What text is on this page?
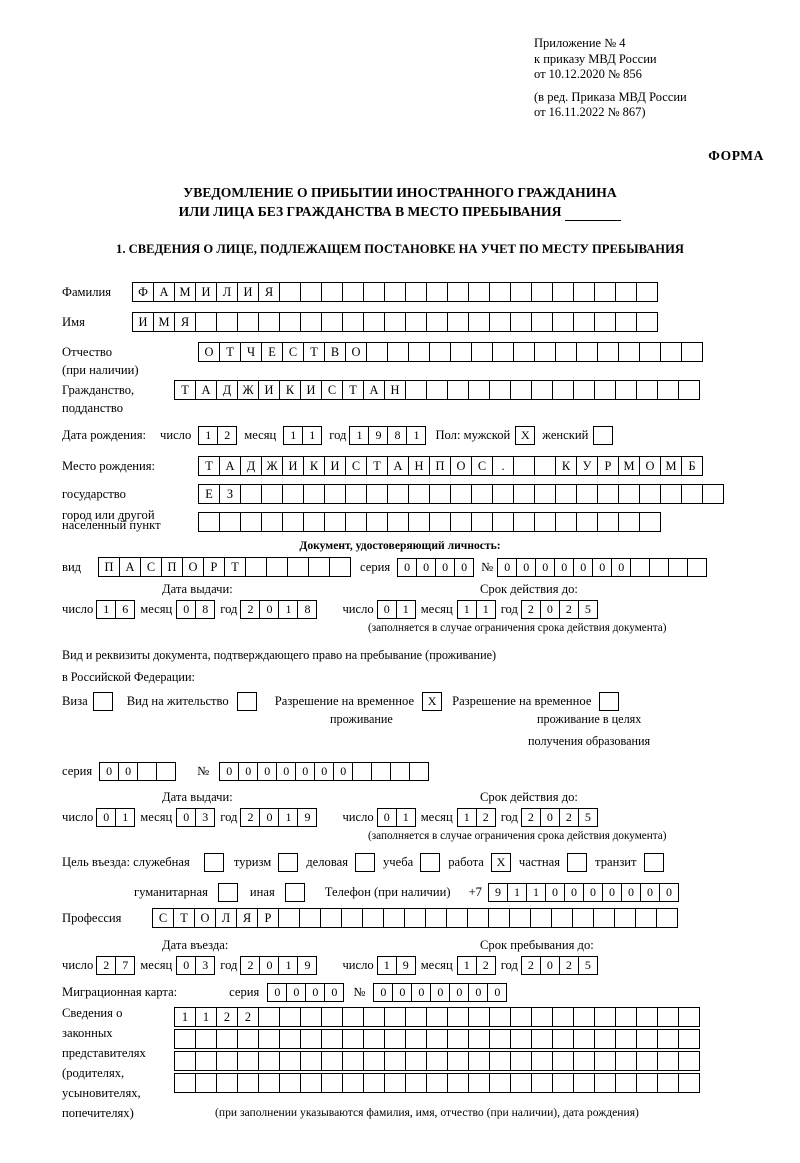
Приложение № 4
к приказу МВД России
от 10.12.2020 № 856
(в ред. Приказа МВД России
от 16.11.2022 № 867)
ФОРМА
УВЕДОМЛЕНИЕ О ПРИБЫТИИ ИНОСТРАННОГО ГРАЖДАНИНА
ИЛИ ЛИЦА БЕЗ ГРАЖДАНСТВА В МЕСТО ПРЕБЫВАНИЯ
1. СВЕДЕНИЯ О ЛИЦЕ, ПОДЛЕЖАЩЕМ ПОСТАНОВКЕ НА УЧЕТ ПО МЕСТУ ПРЕБЫВАНИЯ
Фамилия	Ф А М И Л И Я
Имя	И М Я
Отчество	О	Т	Ч	Е	С	Т	В О
(при наличии)
Гражданство,	Т	А Д Ж И К И С	Т	А Н
подданство
Дата рождения: число	1	2	месяц	1	1	год 1	9	8	1	Пол: мужской Х	женский
Место рождения:	Т	А Д Ж И К И С	Т	А Н П О С	.	К	У	Р М О М Б
государство	Е	З
город или другой
населенный пункт
Документ, удостоверяющий личность:
вид	П А С П О	Р	Т	серия	0	0	0	0	№ 0	0	0	0	0	0	0
Дата выдачи:	Срок действия до:
число 1	6 месяц 0	8 год 2	0	1	8	число 0	1 месяц 1	1 год 2	0	2	5
(заполняется в случае ограничения срока действия документа)
Вид и реквизиты документа, подтверждающего право на пребывание (проживание)
в Российской Федерации:
Виза	Вид на жительство	Разрешение на временное	Х	Разрешение на временное
проживание	проживание в целях
получения образования
серия	0	0	№	0	0	0	0	0	0	0
Дата выдачи:	Срок действия до:
число 0	1 месяц 0	3 год 2	0	1	9	число 0	1 месяц 1	2 год 2	0	2	5
(заполняется в случае ограничения срока действия документа)
Цель въезда: служебная	туризм	деловая	учеба	работа	Х	частная	транзит
гуманитарная	иная	Телефон (при наличии) +7	9	1	1	0	0	0	0	0	0	0
Профессия	С	Т	О Л	Я	Р
Дата въезда:	Срок пребывания до:
число 2	7 месяц 0	3 год 2	0	1	9	число 1	9 месяц 1	2 год 2	0	2	5
Миграционная карта:	серия	0	0	0	0	№	0	0	0	0	0	0	0
Сведения о
законных
представителях
(родителях,
усыновителях,
попечителях)
1	1	2	2
(при заполнении указываются фамилия, имя, отчество (при наличии), дата рождения)
